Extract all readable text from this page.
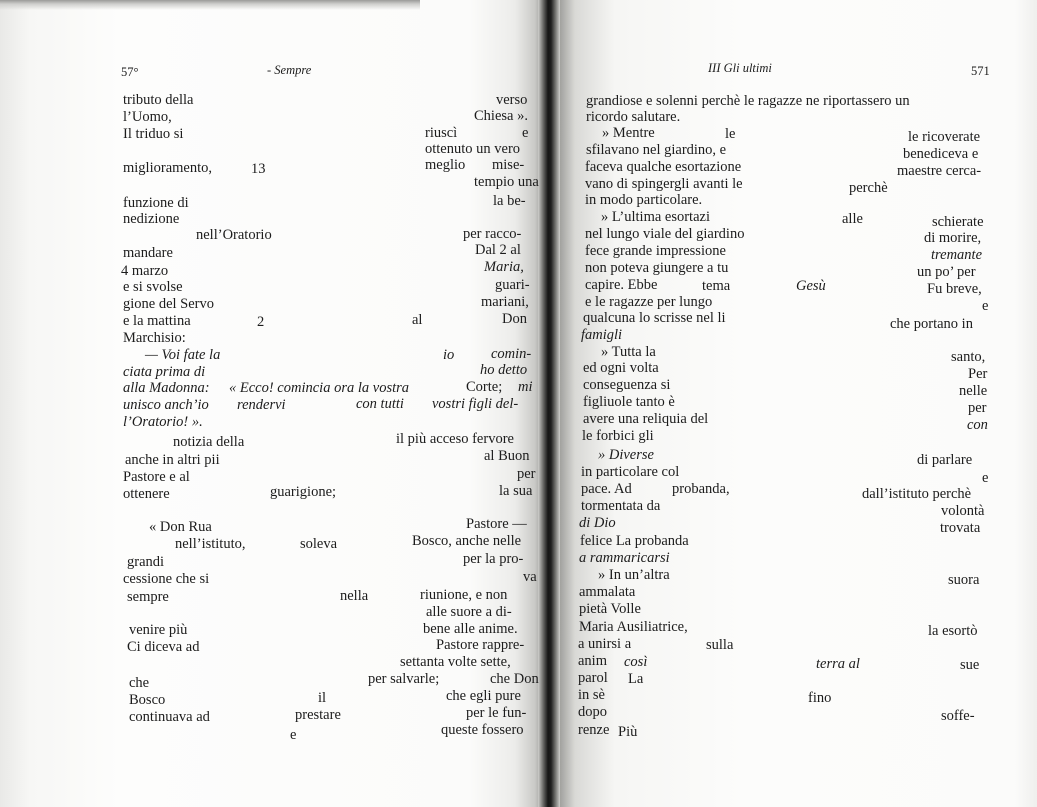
57°	- Sempre
tributo della	verso
l’Uomo,	Chiesa ».
Il triduo si	riuscì	e
ottenuto un vero
miglioramento,	13	meglio mise-
tempio una
funzione di	la be-
nedizione
nell’Oratorio	per racco-
mandare	Dal 2 al
4 marzo	Maria,
e si svolse	guari-
gione del Servo	mariani,
e la mattina	2	al	Don
Marchisio:
— Voi fate la	io	comin-
ciata prima di	ho detto
alla Madonna: « Ecco! comincia ora la vostra	Corte; mi
unisco anch’io rendervi	con tutti vostri figli del-
l’Oratorio! ».
notizia della	il più acceso fervore
anche in altri pii	al Buon
Pastore e al	per
ottenere	guarigione;	la sua
« Don Rua	Pastore —
nell’istituto,	soleva	Bosco, anche nelle
grandi	per la pro-
cessione che si	va
sempre	nella	riunione, e non
alle suore a di-
venire più	bene alle anime.
Ci diceva ad	Pastore rappre-
settanta volte sette,
che	per salvarle;	che Don
Bosco	il	che egli pure
continuava ad	prestare	per le fun-
e	queste fossero
III Gli ultimi	571
grandiose e solenni perchè le ragazze ne riportassero un
ricordo salutare.
» Mentre	le	le ricoverate
sfilavano nel giardino, e	benediceva e
faceva qualche esortazione	maestre cerca-
vano di spingergli avanti le	perchè
in modo particolare.
» L’ultima esortazi	alle	schierate
nel lungo viale del giardino	di morire,
fece grande impressione	tremante
non poteva giungere a tu	un po’ per
capire. Ebbe	tema	Gesù	Fu breve,
e le ragazze per lungo	e
qualcuna lo scrisse nel li	che portano in
famigli
» Tutta la	santo,
ed ogni volta	Per
conseguenza si	nelle
figliuole tanto è	per
avere una reliquia del	con
le forbici gli
» Diverse	di parlare
in particolare col	e
pace. Ad	probanda,	dall’istituto perchè
tormentata da	volontà
di Dio	trovata
felice La probanda
a rammaricarsi
» In un’altra	suora
ammalata
pietà Volle
Maria Ausiliatrice,	la esortò
a unirsi a	sulla
anim così	terra al	sue
parol La
in sè	fino
dopo	soffe-
renze Più
